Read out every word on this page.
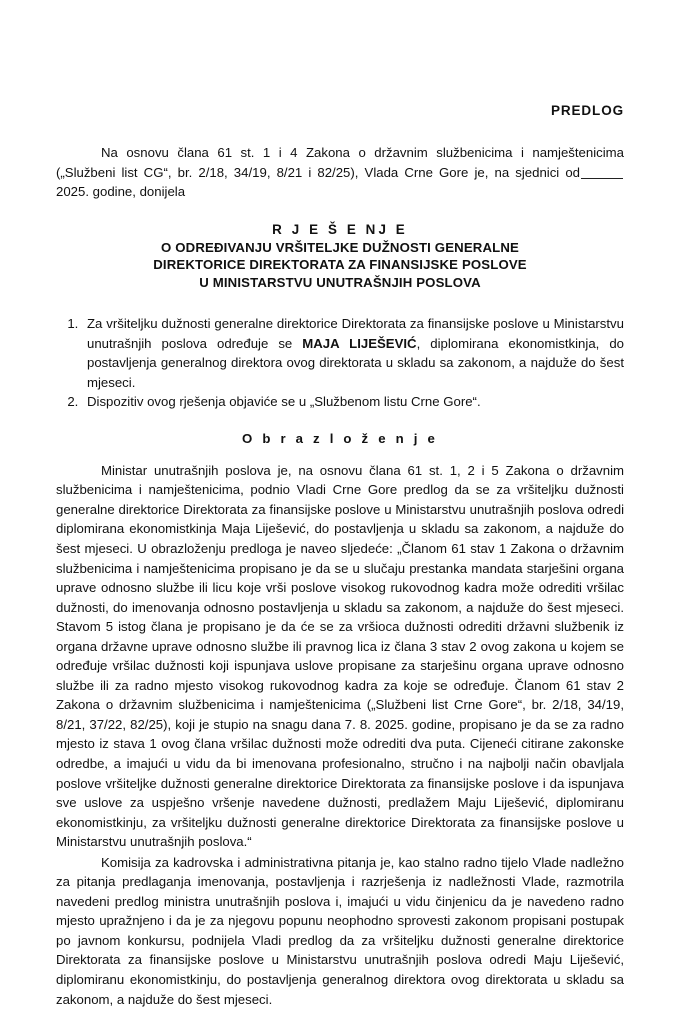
PREDLOG

Na osnovu člana 61 st. 1 i 4 Zakona o državnim službenicima i namještenicima („Službeni list CG“, br. 2/18, 34/19, 8/21 i 82/25), Vlada Crne Gore je, na sjednici od 2025. godine, donijela

R J E Š E NJ E
O ODREĐIVANJU VRŠITELJKE DUŽNOSTI GENERALNE
DIREKTORICE DIREKTORATA ZA FINANSIJSKE POSLOVE
U MINISTARSTVU UNUTRAŠNJIH POSLOVA
1. Za vršiteljku dužnosti generalne direktorice Direktorata za finansijske poslove u Ministarstvu unutrašnjih poslova određuje se MAJA LIJEŠEVIĆ, diplomirana ekonomistkinja, do postavljenja generalnog direktora ovog direktorata u skladu sa zakonom, a najduže do šest mjeseci.
2. Dispozitiv ovog rješenja objaviće se u „Službenom listu Crne Gore“.
O b r a z l o ž e n j e

Ministar unutrašnjih poslova je, na osnovu člana 61 st. 1, 2 i 5 Zakona o državnim službenicima i namještenicima, podnio Vladi Crne Gore predlog da se za vršiteljku dužnosti generalne direktorice Direktorata za finansijske poslove u Ministarstvu unutrašnjih poslova odredi diplomirana ekonomistkinja Maja Liješević, do postavljenja u skladu sa zakonom, a najduže do šest mjeseci. U obrazloženju predloga je naveo sljedeće: „Članom 61 stav 1 Zakona o državnim službenicima i namještenicima propisano je da se u slučaju prestanka mandata starješini organa uprave odnosno službe ili licu koje vrši poslove visokog rukovodnog kadra može odrediti vršilac dužnosti, do imenovanja odnosno postavljenja u skladu sa zakonom, a najduže do šest mjeseci. Stavom 5 istog člana je propisano je da će se za vršioca dužnosti odrediti državni službenik iz organa državne uprave odnosno službe ili pravnog lica iz člana 3 stav 2 ovog zakona u kojem se određuje vršilac dužnosti koji ispunjava uslove propisane za starješinu organa uprave odnosno službe ili za radno mjesto visokog rukovodnog kadra za koje se određuje. Članom 61 stav 2 Zakona o državnim službenicima i namještenicima („Službeni list Crne Gore“, br. 2/18, 34/19, 8/21, 37/22, 82/25), koji je stupio na snagu dana 7. 8. 2025. godine, propisano je da se za radno mjesto iz stava 1 ovog člana vršilac dužnosti može odrediti dva puta. Cijeneći citirane zakonske odredbe, a imajući u vidu da bi imenovana profesionalno, stručno i na najbolji način obavljala poslove vršiteljke dužnosti generalne direktorice Direktorata za finansijske poslove i da ispunjava sve uslove za uspješno vršenje navedene dužnosti, predlažem Maju Liješević, diplomiranu ekonomistkinju, za vršiteljku dužnosti generalne direktorice Direktorata za finansijske poslove u Ministarstvu unutrašnjih poslova.“

Komisija za kadrovska i administrativna pitanja je, kao stalno radno tijelo Vlade nadležno za pitanja predlaganja imenovanja, postavljenja i razrješenja iz nadležnosti Vlade, razmotrila navedeni predlog ministra unutrašnjih poslova i, imajući u vidu činjenicu da je navedeno radno mjesto upražnjeno i da je za njegovu popunu neophodno sprovesti zakonom propisani postupak po javnom konkursu, podnijela Vladi predlog da za vršiteljku dužnosti generalne direktorice Direktorata za finansijske poslove u Ministarstvu unutrašnjih poslova odredi Maju Liješević, diplomiranu ekonomistkinju, do postavljenja generalnog direktora ovog direktorata u skladu sa zakonom, a najduže do šest mjeseci.
